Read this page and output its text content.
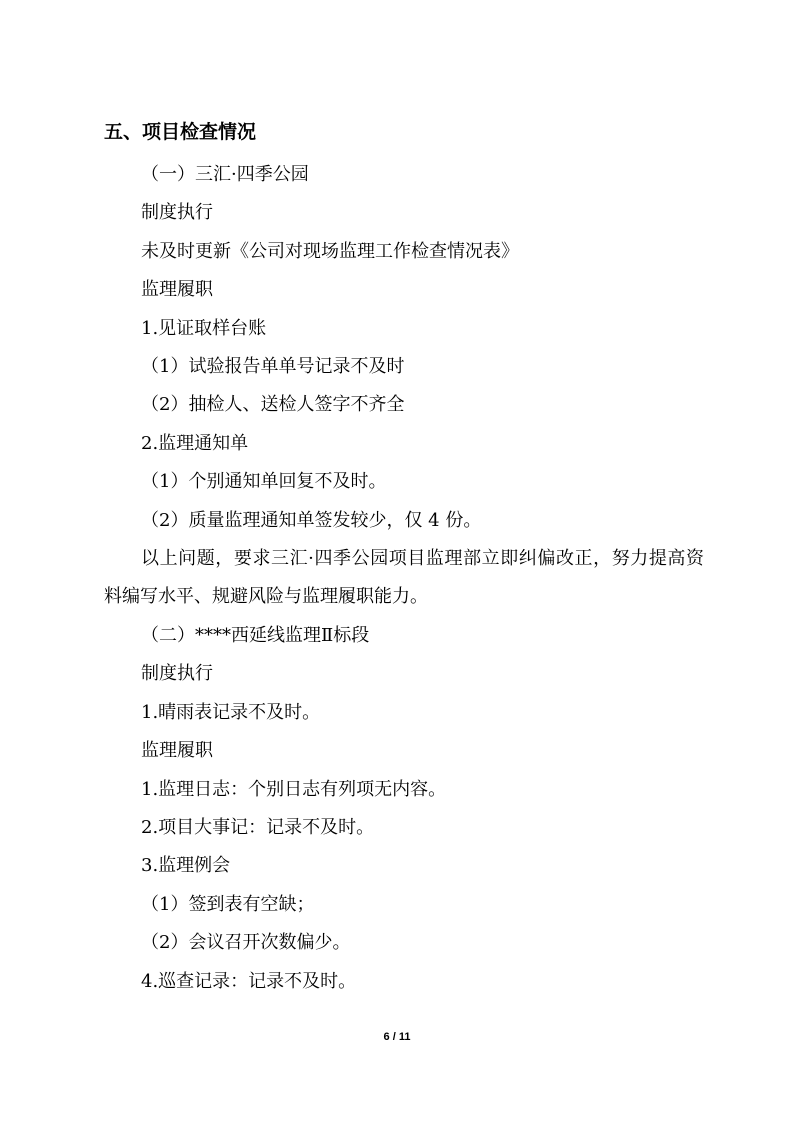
五、项目检查情况

（一）三汇·四季公园

制度执行

未及时更新《公司对现场监理工作检查情况表》

监理履职

1.见证取样台账

（1）试验报告单单号记录不及时

（2）抽检人、送检人签字不齐全

2.监理通知单

（1）个别通知单回复不及时。

（2）质量监理通知单签发较少，仅 4 份。

以上问题，要求三汇·四季公园项目监理部立即纠偏改正，努力提高资料编写水平、规避风险与监理履职能力。

（二）****西延线监理Ⅱ标段

制度执行

1.晴雨表记录不及时。

监理履职

1.监理日志：个别日志有列项无内容。

2.项目大事记：记录不及时。

3.监理例会

（1）签到表有空缺；

（2）会议召开次数偏少。

4.巡查记录：记录不及时。

6 / 11
